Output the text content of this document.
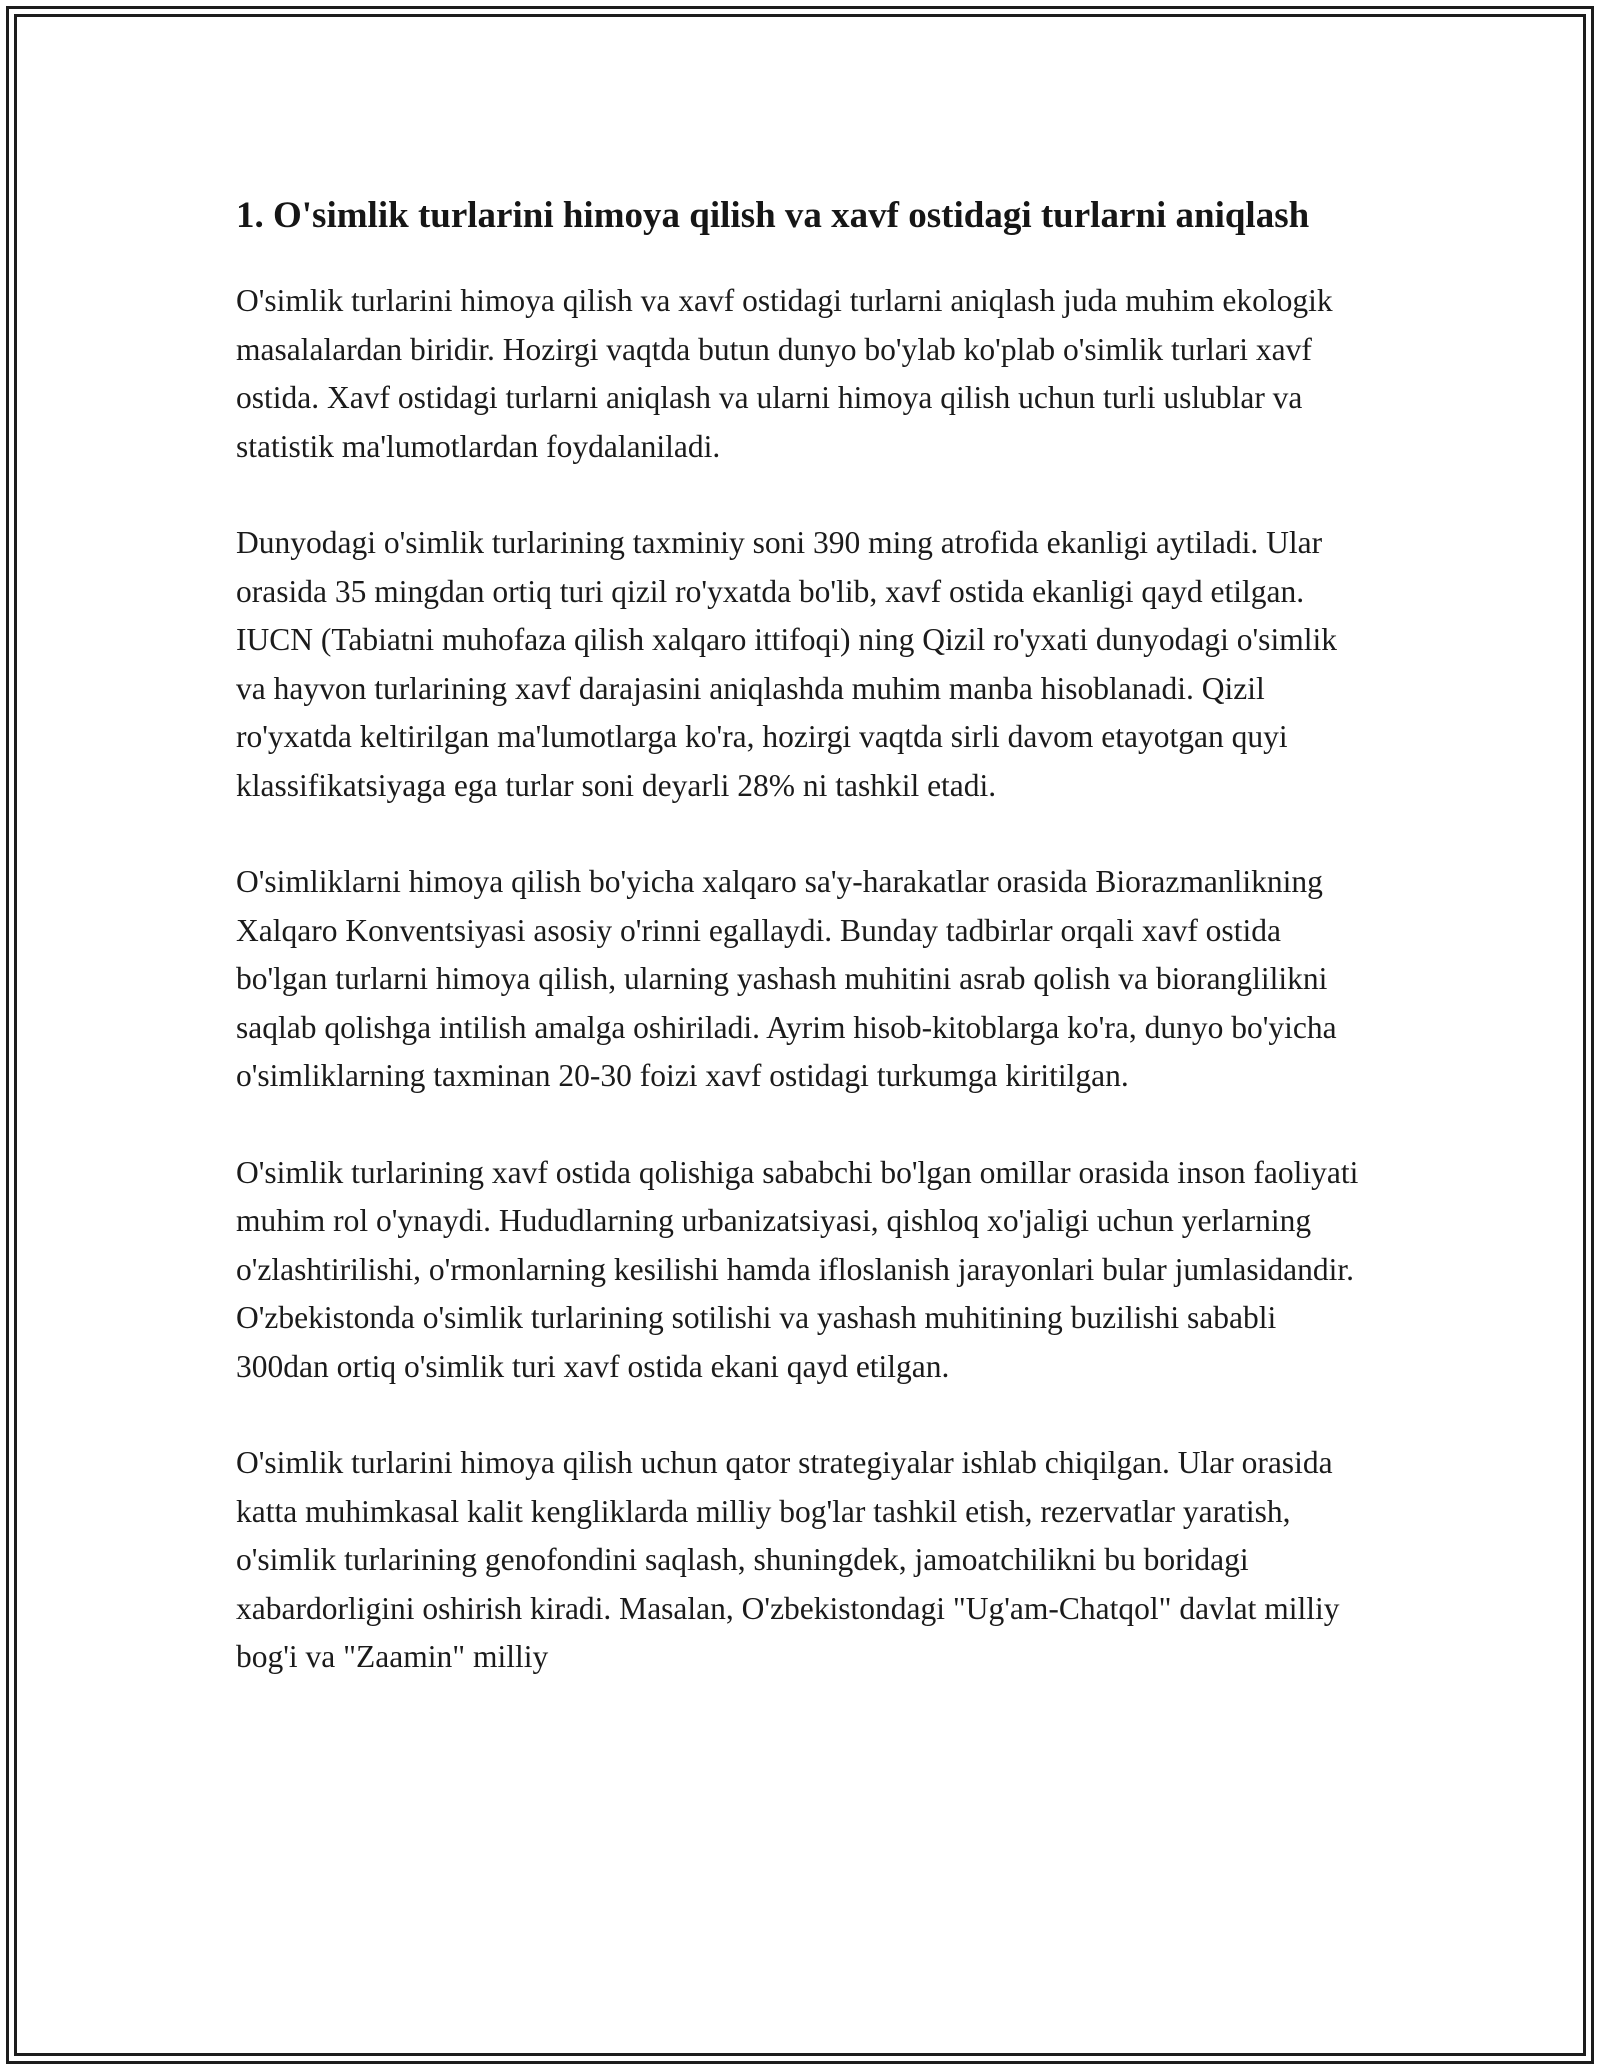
1. O'simlik turlarini himoya qilish va xavf ostidagi turlarni aniqlash

O'simlik turlarini himoya qilish va xavf ostidagi turlarni aniqlash juda muhim ekologik masalalardan biridir. Hozirgi vaqtda butun dunyo bo'ylab ko'plab o'simlik turlari xavf ostida. Xavf ostidagi turlarni aniqlash va ularni himoya qilish uchun turli uslublar va statistik ma'lumotlardan foydalaniladi.

Dunyodagi o'simlik turlarining taxminiy soni 390 ming atrofida ekanligi aytiladi. Ular orasida 35 mingdan ortiq turi qizil ro'yxatda bo'lib, xavf ostida ekanligi qayd etilgan. IUCN (Tabiatni muhofaza qilish xalqaro ittifoqi) ning Qizil ro'yxati dunyodagi o'simlik va hayvon turlarining xavf darajasini aniqlashda muhim manba hisoblanadi. Qizil ro'yxatda keltirilgan ma'lumotlarga ko'ra, hozirgi vaqtda sirli davom etayotgan quyi klassifikatsiyaga ega turlar soni deyarli 28% ni tashkil etadi.

O'simliklarni himoya qilish bo'yicha xalqaro sa'y-harakatlar orasida Biorazmanlikning Xalqaro Konventsiyasi asosiy o'rinni egallaydi. Bunday tadbirlar orqali xavf ostida bo'lgan turlarni himoya qilish, ularning yashash muhitini asrab qolish va bioranglilikni saqlab qolishga intilish amalga oshiriladi. Ayrim hisob-kitoblarga ko'ra, dunyo bo'yicha o'simliklarning taxminan 20-30 foizi xavf ostidagi turkumga kiritilgan.

O'simlik turlarining xavf ostida qolishiga sababchi bo'lgan omillar orasida inson faoliyati muhim rol o'ynaydi. Hududlarning urbanizatsiyasi, qishloq xo'jaligi uchun yerlarning o'zlashtirilishi, o'rmonlarning kesilishi hamda ifloslanish jarayonlari bular jumlasidandir. O'zbekistonda o'simlik turlarining sotilishi va yashash muhitining buzilishi sababli 300dan ortiq o'simlik turi xavf ostida ekani qayd etilgan.

O'simlik turlarini himoya qilish uchun qator strategiyalar ishlab chiqilgan. Ular orasida katta muhimkasal kalit kengliklarda milliy bog'lar tashkil etish, rezervatlar yaratish, o'simlik turlarining genofondini saqlash, shuningdek, jamoatchilikni bu boridagi xabardorligini oshirish kiradi. Masalan, O'zbekistondagi "Ug'am-Chatqol" davlat milliy bog'i va "Zaamin" milliy
